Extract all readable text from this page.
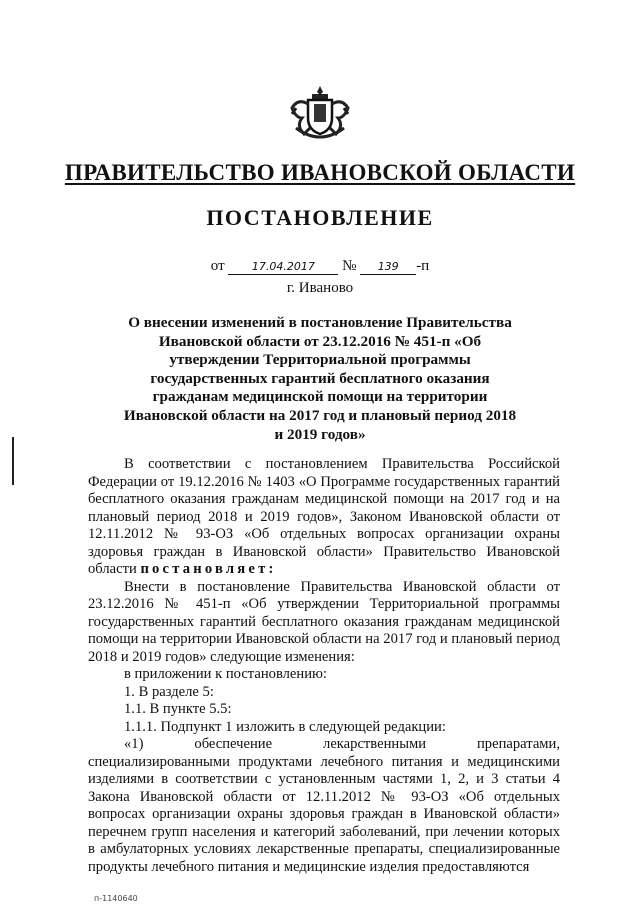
ПРАВИТЕЛЬСТВО ИВАНОВСКОЙ ОБЛАСТИ
ПОСТАНОВЛЕНИЕ
от 17.04.2017 № 139 -п
г. Иваново
О внесении изменений в постановление Правительства Ивановской области от 23.12.2016 № 451-п «Об утверждении Территориальной программы государственных гарантий бесплатного оказания гражданам медицинской помощи на территории Ивановской области на 2017 год и плановый период 2018 и 2019 годов»

В соответствии с постановлением Правительства Российской Федерации от 19.12.2016 № 1403 «О Программе государственных гарантий бесплатного оказания гражданам медицинской помощи на 2017 год и на плановый период 2018 и 2019 годов», Законом Ивановской области от 12.11.2012 № 93-ОЗ «Об отдельных вопросах организации охраны здоровья граждан в Ивановской области» Правительство Ивановской области постановляет:

Внести в постановление Правительства Ивановской области от 23.12.2016 № 451-п «Об утверждении Территориальной программы государственных гарантий бесплатного оказания гражданам медицинской помощи на территории Ивановской области на 2017 год и плановый период 2018 и 2019 годов» следующие изменения:

в приложении к постановлению:

1. В разделе 5:

1.1. В пункте 5.5:

1.1.1. Подпункт 1 изложить в следующей редакции:

«1) обеспечение лекарственными препаратами, специализированными продуктами лечебного питания и медицинскими изделиями в соответствии с установленным частями 1, 2, и 3 статьи 4 Закона Ивановской области от 12.11.2012 № 93-ОЗ «Об отдельных вопросах организации охраны здоровья граждан в Ивановской области» перечнем групп населения и категорий заболеваний, при лечении которых в амбулаторных условиях лекарственные препараты, специализированные продукты лечебного питания и медицинские изделия предоставляются

п-1140640
